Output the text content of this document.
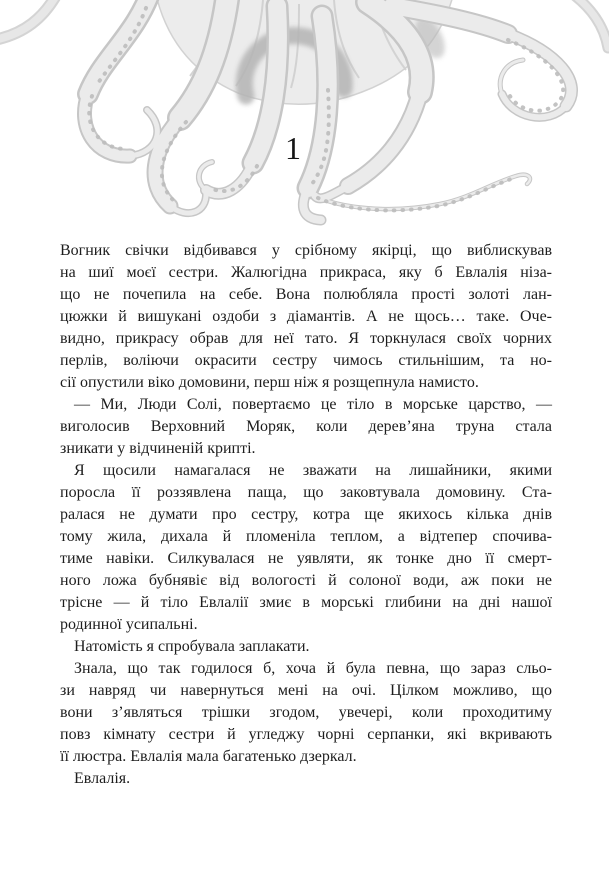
1

Вогник свічки відбивався у срібному якірці, що виблискував
на шиї моєї сестри. Жалюгідна прикраса, яку б Евлалія ніза-
що не почепила на себе. Вона полюбляла прості золоті лан-
цюжки й вишукані оздоби з діамантів. А не щось… таке. Оче-
видно, прикрасу обрав для неї тато. Я торкнулася своїх чорних
перлів, воліючи окрасити сестру чимось стильнішим, та но-
сії опустили віко домовини, перш ніж я розщепнула намисто.

— Ми, Люди Солі, повертаємо це тіло в морське царство, —
виголосив Верховний Моряк, коли дерев’яна труна стала
зникати у відчиненій крипті.

Я щосили намагалася не зважати на лишайники, якими
поросла її роззявлена паща, що заковтувала домовину. Ста-
ралася не думати про сестру, котра ще якихось кілька днів
тому жила, дихала й пломеніла теплом, а відтепер спочива-
тиме навіки. Силкувалася не уявляти, як тонке дно її смерт-
ного ложа бубнявіє від вологості й солоної води, аж поки не
трісне — й тіло Евлалії змиє в морські глибини на дні нашої
родинної усипальні.

Натомість я спробувала заплакати.

Знала, що так годилося б, хоча й була певна, що зараз сльо-
зи навряд чи навернуться мені на очі. Цілком можливо, що
вони з’являться трішки згодом, увечері, коли проходитиму
повз кімнату сестри й угледжу чорні серпанки, які вкривають
її люстра. Евлалія мала багатенько дзеркал.

Евлалія.
